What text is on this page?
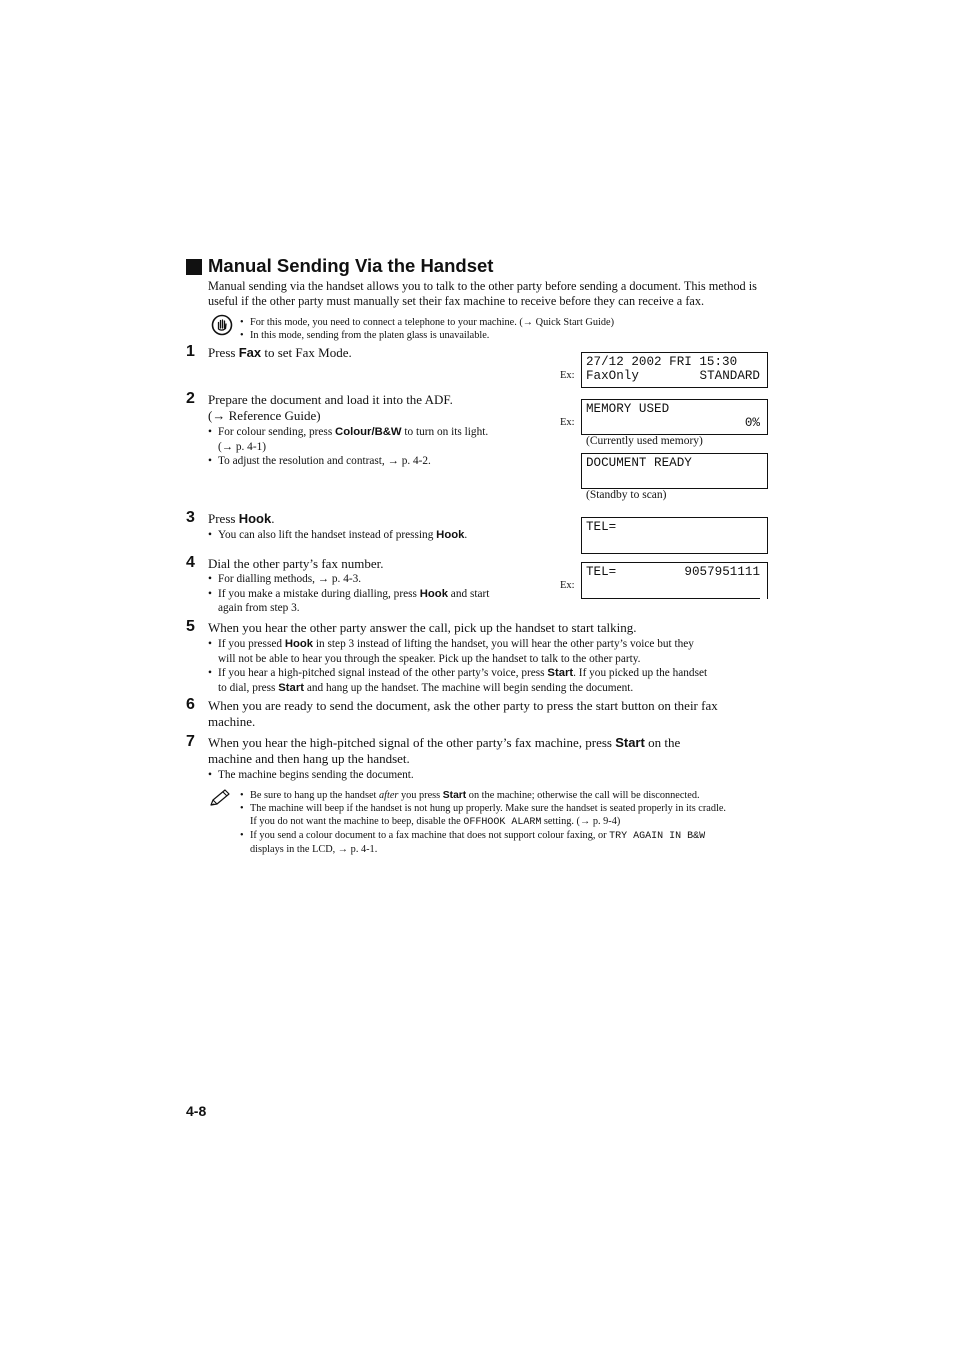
Manual Sending Via the Handset
Manual sending via the handset allows you to talk to the other party before sending a document. This method is useful if the other party must manually set their fax machine to receive before they can receive a fax.
• For this mode, you need to connect a telephone to your machine. (→ Quick Start Guide)
• In this mode, sending from the platen glass is unavailable.
1 Press Fax to set Fax Mode.
Ex:
27/12 2002 FRI 15:30
FaxOnly	STANDARD
2 Prepare the document and load it into the ADF.
(→ Reference Guide)
• For colour sending, press Colour/B&W to turn on its light.
(→ p. 4-1)
• To adjust the resolution and contrast, → p. 4-2.
Ex:
MEMORY USED
0%
(Currently used memory)
DOCUMENT READY
(Standby to scan)
3 Press Hook.
• You can also lift the handset instead of pressing Hook.
TEL=
4 Dial the other party’s fax number.
• For dialling methods, → p. 4-3.
• If you make a mistake during dialling, press Hook and start
again from step 3.
Ex:
TEL=	9057951111
5 When you hear the other party answer the call, pick up the handset to start talking.
• If you pressed Hook in step 3 instead of lifting the handset, you will hear the other party’s voice but they
will not be able to hear you through the speaker. Pick up the handset to talk to the other party.
• If you hear a high-pitched signal instead of the other party’s voice, press Start. If you picked up the handset
to dial, press Start and hang up the handset. The machine will begin sending the document.
6 When you are ready to send the document, ask the other party to press the start button on their fax
machine.
7 When you hear the high-pitched signal of the other party’s fax machine, press Start on the
machine and then hang up the handset.
• The machine begins sending the document.
• Be sure to hang up the handset after you press Start on the machine; otherwise the call will be disconnected.
• The machine will beep if the handset is not hung up properly. Make sure the handset is seated properly in its cradle.
If you do not want the machine to beep, disable the OFFHOOK ALARM setting. (→ p. 9-4)
• If you send a colour document to a fax machine that does not support colour faxing, or TRY AGAIN IN B&W
displays in the LCD, → p. 4-1.
4-8
